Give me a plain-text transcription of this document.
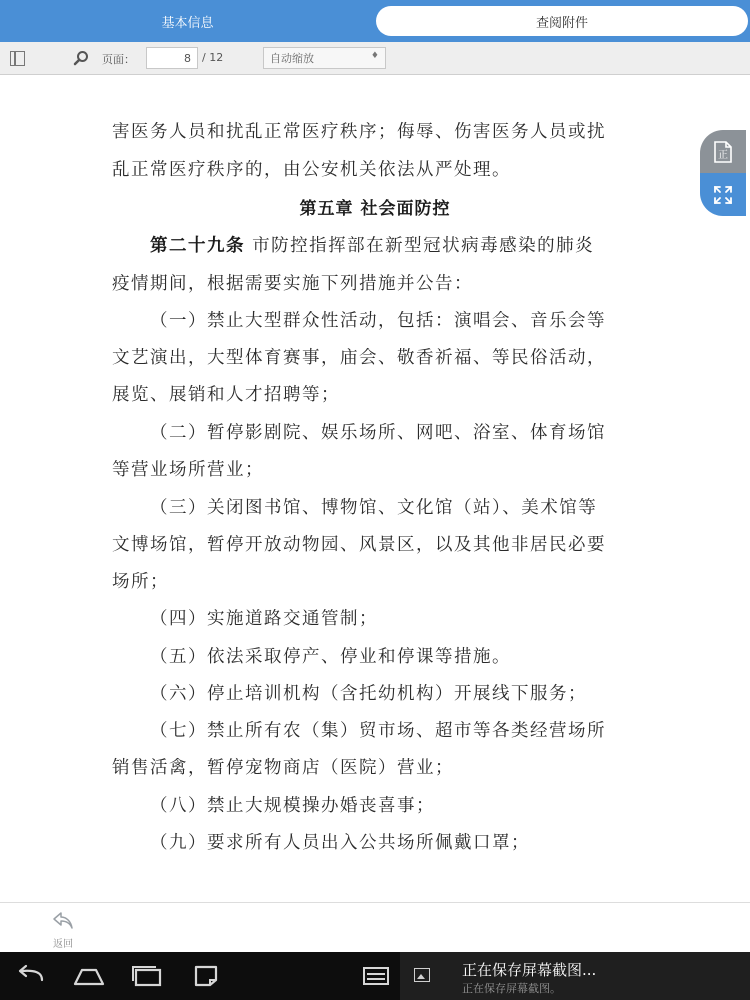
基本信息	查阅附件
页面：
8	/ 12	自动缩放	♦
害医务人员和扰乱正常医疗秩序；侮辱、伤害医务人员或扰
乱正常医疗秩序的，由公安机关依法从严处理。
第五章 社会面防控
第二十九条 市防控指挥部在新型冠状病毒感染的肺炎
疫情期间，根据需要实施下列措施并公告：
（一）禁止大型群众性活动，包括：演唱会、音乐会等
文艺演出，大型体育赛事，庙会、敬香祈福、等民俗活动，
展览、展销和人才招聘等；
（二）暂停影剧院、娱乐场所、网吧、浴室、体育场馆
等营业场所营业；
（三）关闭图书馆、博物馆、文化馆（站）、美术馆等
文博场馆，暂停开放动物园、风景区，以及其他非居民必要
场所；
（四）实施道路交通管制；
（五）依法采取停产、停业和停课等措施。
（六）停止培训机构（含托幼机构）开展线下服务；
（七）禁止所有农（集）贸市场、超市等各类经营场所
销售活禽，暂停宠物商店（医院）营业；
（八）禁止大规模操办婚丧喜事；
（九）要求所有人员出入公共场所佩戴口罩；
正
返回
正在保存屏幕截图...
正在保存屏幕截图。
